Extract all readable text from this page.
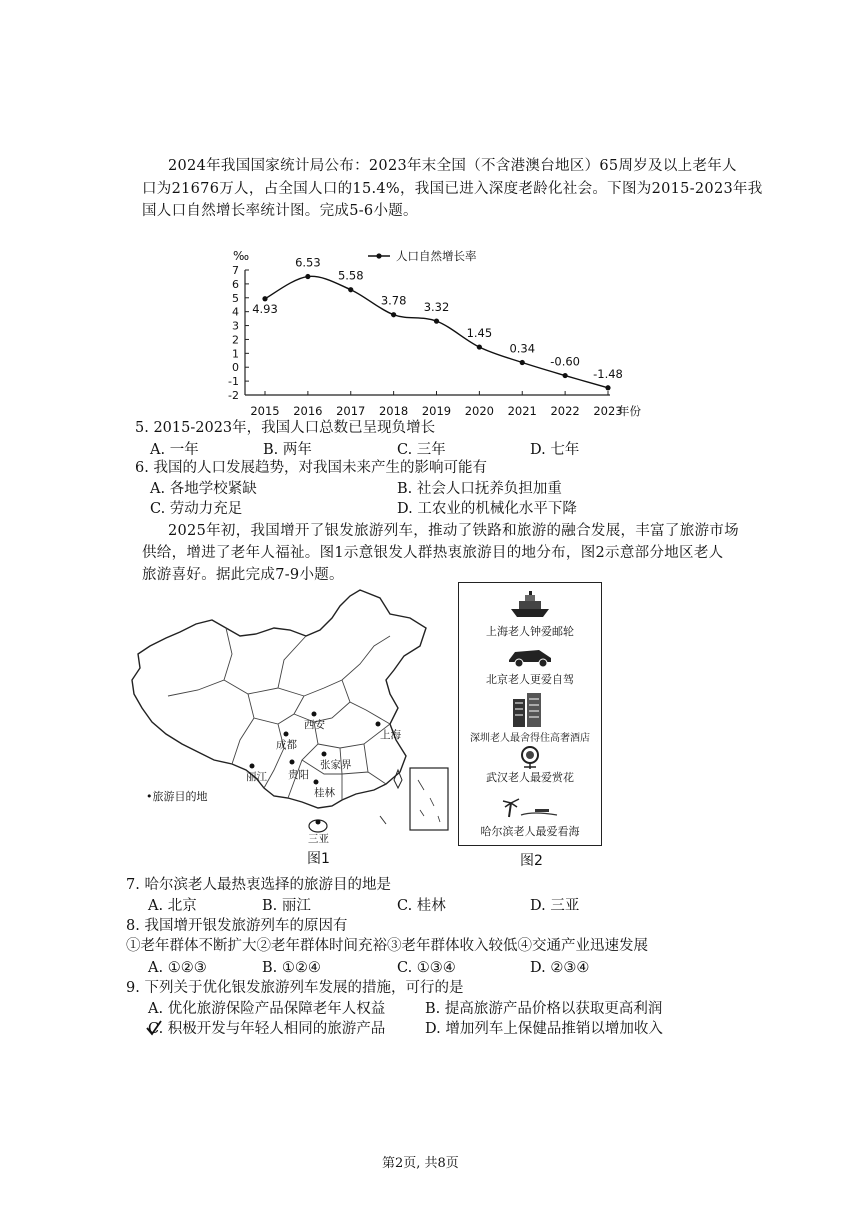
2024年我国国家统计局公布：2023年末全国（不含港澳台地区）65周岁及以上老年人
口为21676万人，占全国人口的15.4%，我国已进入深度老龄化社会。下图为2015-2023年我
国人口自然增长率统计图。完成5-6小题。
7
6
5
4
3
2
1
0
-1
-2
‰
2015 2016 2017 2018 2019 2020 2021 2022 2023
年份
4.93
6.53
5.58
3.78 3.32
1.45
0.34
-0.60
-1.48
人口自然增长率
5. 2015-2023年，我国人口总数已呈现负增长
A. 一年	B. 两年	C. 三年	D. 七年
6. 我国的人口发展趋势，对我国未来产生的影响可能有
A. 各地学校紧缺	B. 社会人口抚养负担加重
C. 劳动力充足	D. 工农业的机械化水平下降
2025年初，我国增开了银发旅游列车，推动了铁路和旅游的融合发展，丰富了旅游市场
供给，增进了老年人福祉。图1示意银发人群热衷旅游目的地分布，图2示意部分地区老人
旅游喜好。据此完成7-9小题。
上海
西安
成都
张家界
丽江 贵阳
桂林
三亚
•旅游目的地
图1
上海老人钟爱邮轮
北京老人更爱自驾
深圳老人最舍得住高奢酒店
武汉老人最爱赏花
哈尔滨老人最爱看海
图2
7. 哈尔滨老人最热衷选择的旅游目的地是
A. 北京	B. 丽江	C. 桂林	D. 三亚
8. 我国增开银发旅游列车的原因有
①老年群体不断扩大②老年群体时间充裕③老年群体收入较低④交通产业迅速发展
A. ①②③	B. ①②④	C. ①③④	D. ②③④
9. 下列关于优化银发旅游列车发展的措施，可行的是
A. 优化旅游保险产品保障老年人权益	B. 提高旅游产品价格以获取更高利润
C. 积极开发与年轻人相同的旅游产品	D. 增加列车上保健品推销以增加收入
第2页, 共8页
